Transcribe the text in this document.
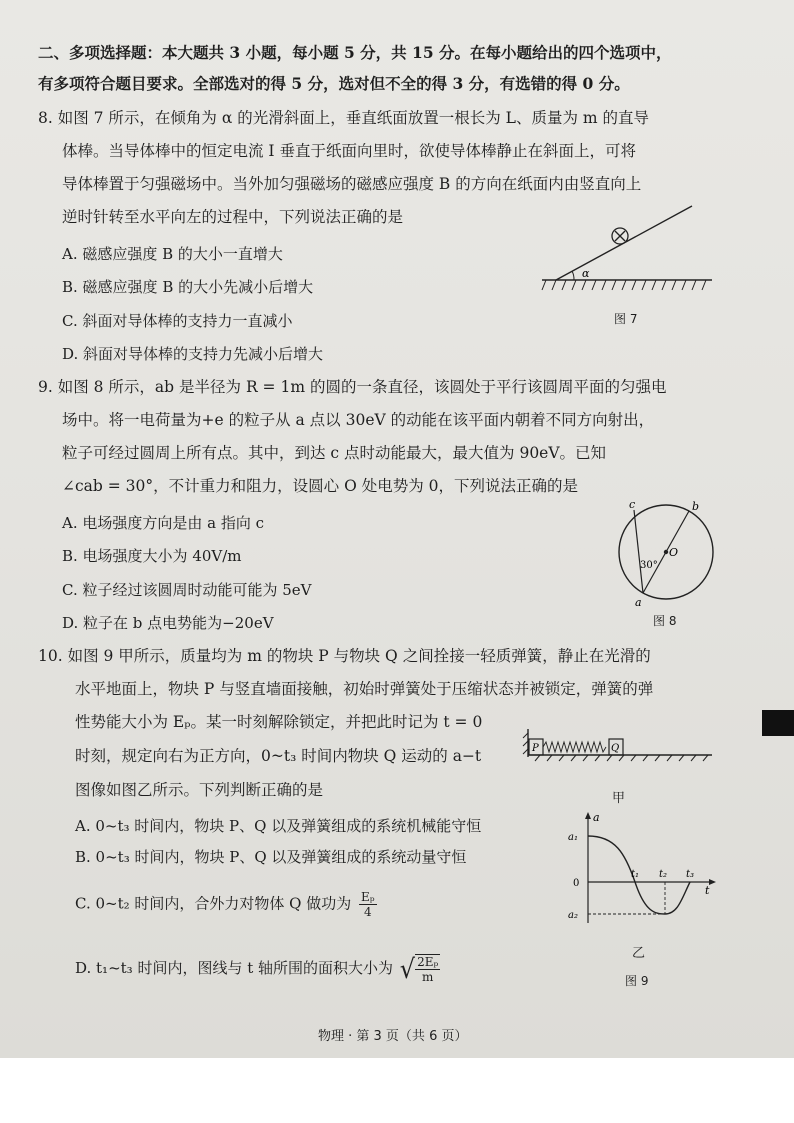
二、多项选择题：本大题共 3 小题，每小题 5 分，共 15 分。在每小题给出的四个选项中，
有多项符合题目要求。全部选对的得 5 分，选对但不全的得 3 分，有选错的得 0 分。
8. 如图 7 所示，在倾角为 α 的光滑斜面上，垂直纸面放置一根长为 L、质量为 m 的直导
体棒。当导体棒中的恒定电流 I 垂直于纸面向里时，欲使导体棒静止在斜面上，可将
导体棒置于匀强磁场中。当外加匀强磁场的磁感应强度 B 的方向在纸面内由竖直向上
逆时针转至水平向左的过程中，下列说法正确的是
A. 磁感应强度 B 的大小一直增大
B. 磁感应强度 B 的大小先减小后增大
C. 斜面对导体棒的支持力一直减小
D. 斜面对导体棒的支持力先减小后增大
α
图 7
9. 如图 8 所示，ab 是半径为 R = 1m 的圆的一条直径，该圆处于平行该圆周平面的匀强电
场中。将一电荷量为+e 的粒子从 a 点以 30eV 的动能在该平面内朝着不同方向射出，
粒子可经过圆周上所有点。其中，到达 c 点时动能最大，最大值为 90eV。已知
∠cab = 30°，不计重力和阻力，设圆心 O 处电势为 0，下列说法正确的是
A. 电场强度方向是由 a 指向 c
B. 电场强度大小为 40V/m
C. 粒子经过该圆周时动能可能为 5eV
D. 粒子在 b 点电势能为−20eV
c	b
a
O
30°
图 8
10. 如图 9 甲所示，质量均为 m 的物块 P 与物块 Q 之间拴接一轻质弹簧，静止在光滑的
水平地面上，物块 P 与竖直墙面接触，初始时弹簧处于压缩状态并被锁定，弹簧的弹
性势能大小为 Eₚ。某一时刻解除锁定，并把此时记为 t = 0
时刻，规定向右为正方向，0~t₃ 时间内物块 Q 运动的 a−t
图像如图乙所示。下列判断正确的是
A. 0~t₃ 时间内，物块 P、Q 以及弹簧组成的系统机械能守恒
B. 0~t₃ 时间内，物块 P、Q 以及弹簧组成的系统动量守恒
C. 0~t₂ 时间内，合外力对物体 Q 做功为 $\frac{\text{Eₚ}}{4}$
D. t₁~t₃ 时间内，图线与 t 轴所围的面积大小为 √ $\frac{\text{2Eₚ}}{m}$
P	Q
甲
a
t
a₁
a₂
0
t₁ t₂ t₃
乙
图 9
物理 · 第 3 页（共 6 页）
